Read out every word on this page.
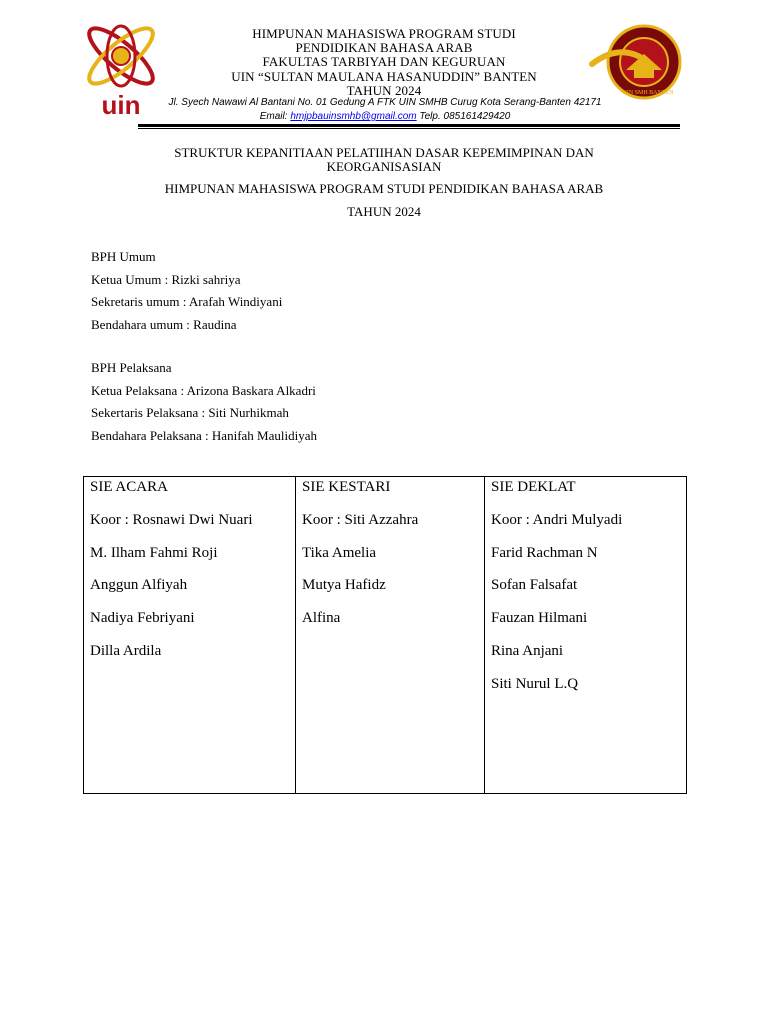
uin	UIN SMH BANTEN
HIMPUNAN MAHASISWA PROGRAM STUDI
PENDIDIKAN BAHASA ARAB
FAKULTAS TARBIYAH DAN KEGURUAN
UIN “SULTAN MAULANA HASANUDDIN” BANTEN
TAHUN 2024
Jl. Syech Nawawi Al Bantani No. 01 Gedung A FTK UIN SMHB Curug Kota Serang-Banten 42171
Email: hmjpbauinsmhb@gmail.com Telp. 085161429420
STRUKTUR KEPANITIAAN PELATIIHAN DASAR KEPEMIMPINAN DAN KEORGANISASIAN
HIMPUNAN MAHASISWA PROGRAM STUDI PENDIDIKAN BAHASA ARAB
TAHUN 2024
BPH Umum
Ketua Umum : Rizki sahriya
Sekretaris umum : Arafah Windiyani
Bendahara umum : Raudina
BPH Pelaksana
Ketua Pelaksana : Arizona Baskara Alkadri
Sekertaris Pelaksana : Siti Nurhikmah
Bendahara Pelaksana : Hanifah Maulidiyah
SIE ACARA
Koor : Rosnawi Dwi Nuari
M. Ilham Fahmi Roji
Anggun Alfiyah
Nadiya Febriyani
Dilla Ardila

SIE KESTARI
Koor : Siti Azzahra
Tika Amelia
Mutya Hafidz
Alfina

SIE DEKLAT
Koor : Andri Mulyadi
Farid Rachman N
Sofan Falsafat
Fauzan Hilmani
Rina Anjani
Siti Nurul L.Q
